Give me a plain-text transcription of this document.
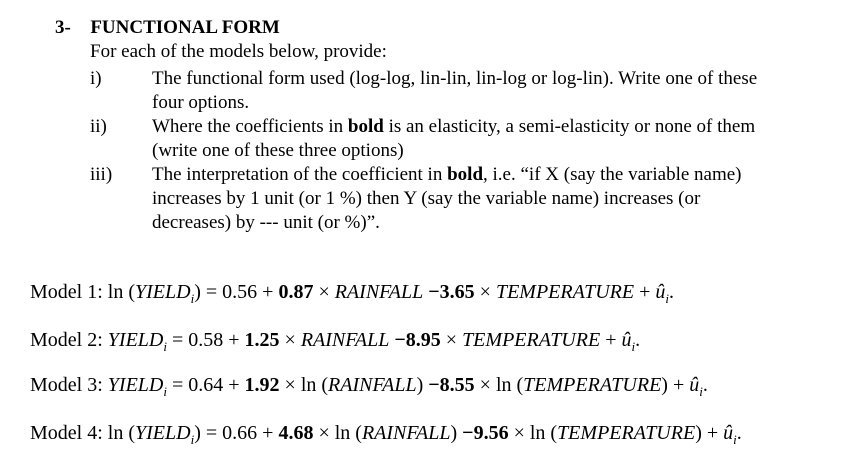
3- FUNCTIONAL FORM
For each of the models below, provide:
i)	The functional form used (log-log, lin-lin, lin-log or log-lin). Write one of these
four options.
ii) Where the coefficients in bold is an elasticity, a semi-elasticity or none of them
(write one of these three options)
iii) The interpretation of the coefficient in bold, i.e. “if X (say the variable name)
increases by 1 unit (or 1 %) then Y (say the variable name) increases (or
decreases) by --- unit (or %)”.
Model 1: $\ln (YIELD_i) = 0.56 + 0.87$ × RAINFALL −3.65 × TEMPERATURE + $û_i$.
Model 2: $YIELD_i = 0.58 + 1.25$ × RAINFALL −8.95 × TEMPERATURE + $û_i$.
Model 3: $YIELD_i = 0.64 + 1.92 \times \ln$ (RAINFALL) −8.55 × ln (TEMPERATURE) + $û_i$.
Model 4: $\ln (YIELD_i) = 0.66 + 4.68 \times \ln$ (RAINFALL) −9.56 × ln (TEMPERATURE) + $û_i$.
